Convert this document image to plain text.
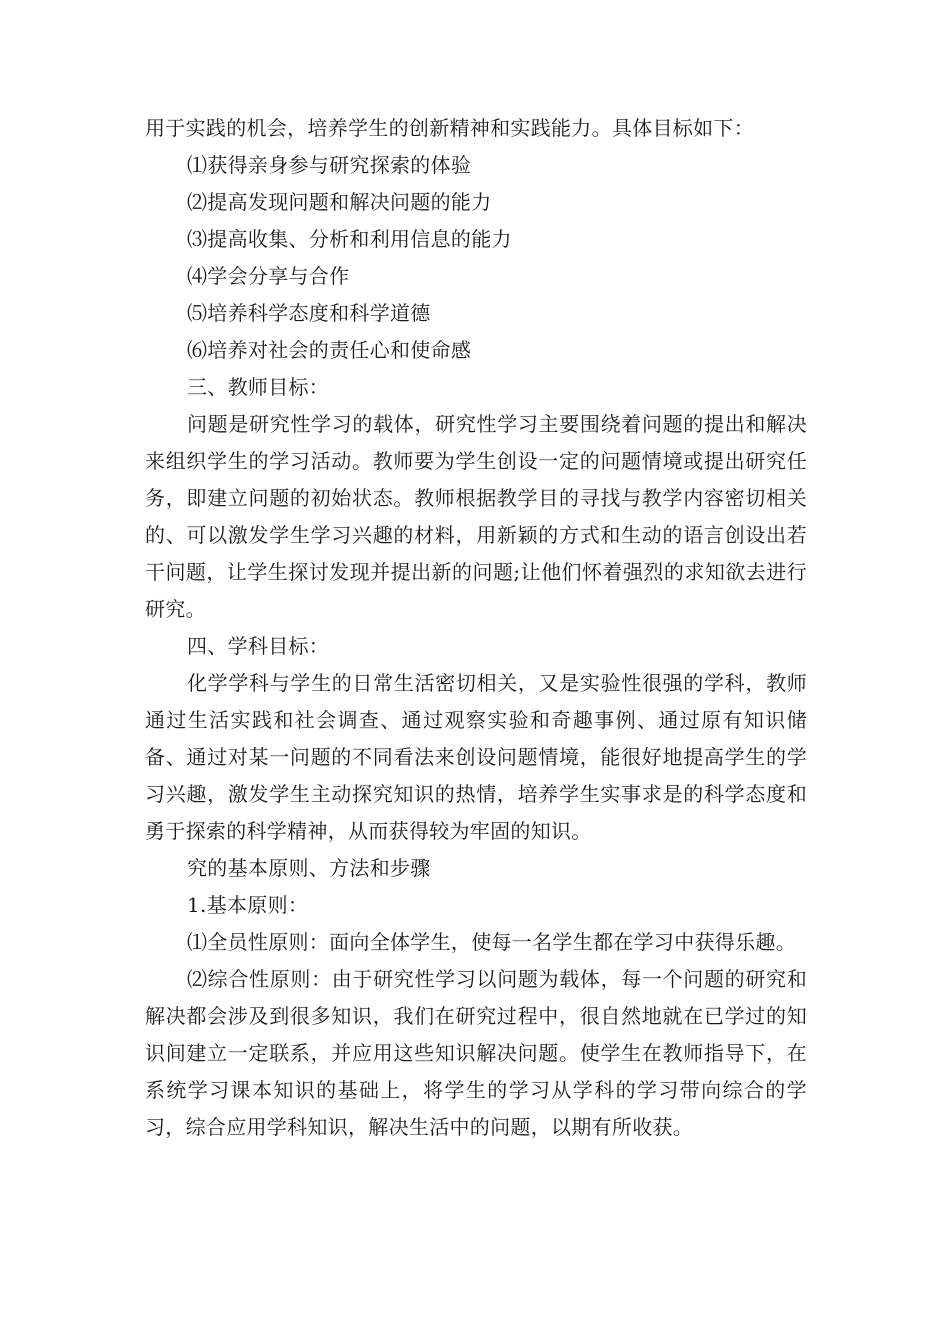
用于实践的机会，培养学生的创新精神和实践能力。具体目标如下：

⑴获得亲身参与研究探索的体验

⑵提高发现问题和解决问题的能力

⑶提高收集、分析和利用信息的能力

⑷学会分享与合作

⑸培养科学态度和科学道德

⑹培养对社会的责任心和使命感

三、教师目标：

问题是研究性学习的载体，研究性学习主要围绕着问题的提出和解决来组织学生的学习活动。教师要为学生创设一定的问题情境或提出研究任务，即建立问题的初始状态。教师根据教学目的寻找与教学内容密切相关的、可以激发学生学习兴趣的材料，用新颖的方式和生动的语言创设出若干问题，让学生探讨发现并提出新的问题;让他们怀着强烈的求知欲去进行研究。

四、学科目标：

化学学科与学生的日常生活密切相关，又是实验性很强的学科，教师通过生活实践和社会调查、通过观察实验和奇趣事例、通过原有知识储备、通过对某一问题的不同看法来创设问题情境，能很好地提高学生的学习兴趣，激发学生主动探究知识的热情，培养学生实事求是的科学态度和勇于探索的科学精神，从而获得较为牢固的知识。

究的基本原则、方法和步骤

1.基本原则：

⑴全员性原则：面向全体学生，使每一名学生都在学习中获得乐趣。

⑵综合性原则：由于研究性学习以问题为载体，每一个问题的研究和解决都会涉及到很多知识，我们在研究过程中，很自然地就在已学过的知识间建立一定联系，并应用这些知识解决问题。使学生在教师指导下，在系统学习课本知识的基础上，将学生的学习从学科的学习带向综合的学习，综合应用学科知识，解决生活中的问题，以期有所收获。
